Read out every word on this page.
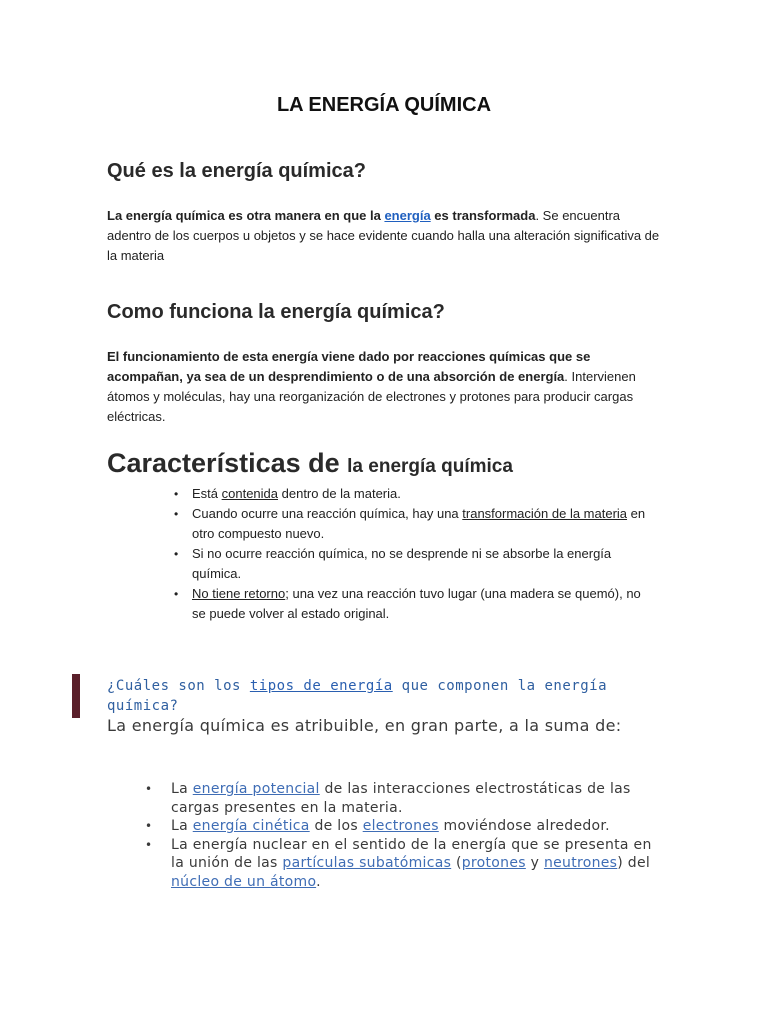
LA ENERGÍA QUÍMICA
Qué es la energía química?
La energía química es otra manera en que la energía es transformada. Se encuentra adentro de los cuerpos u objetos y se hace evidente cuando halla una alteración significativa de la materia
Como funciona la energía química?
El funcionamiento de esta energía viene dado por reacciones químicas que se acompañan, ya sea de un desprendimiento o de una absorción de energía. Intervienen átomos y moléculas, hay una reorganización de electrones y protones para producir cargas eléctricas.
Características de la energía química
• Está contenida dentro de la materia.
• Cuando ocurre una reacción química, hay una transformación de la materia en otro compuesto nuevo.
• Si no ocurre reacción química, no se desprende ni se absorbe la energía química.
• No tiene retorno; una vez una reacción tuvo lugar (una madera se quemó), no se puede volver al estado original.
¿Cuáles son los tipos de energía que componen la energía química?
La energía química es atribuible, en gran parte, a la suma de:
• La energía potencial de las interacciones electrostáticas de las cargas presentes en la materia.
• La energía cinética de los electrones moviéndose alrededor.
• La energía nuclear en el sentido de la energía que se presenta en la unión de las partículas subatómicas (protones y neutrones) del núcleo de un átomo.
